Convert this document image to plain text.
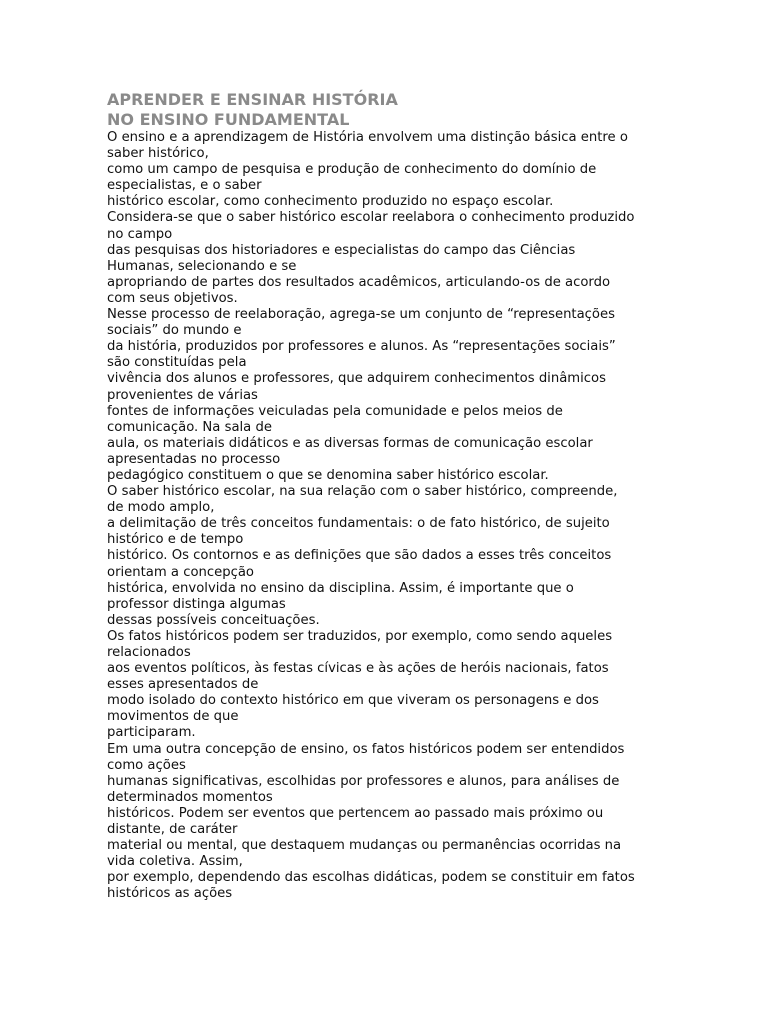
APRENDER E ENSINAR HISTÓRIA
NO ENSINO FUNDAMENTAL
O ensino e a aprendizagem de História envolvem uma distinção básica entre o
saber histórico,
como um campo de pesquisa e produção de conhecimento do domínio de
especialistas, e o saber
histórico escolar, como conhecimento produzido no espaço escolar.
Considera-se que o saber histórico escolar reelabora o conhecimento produzido
no campo
das pesquisas dos historiadores e especialistas do campo das Ciências
Humanas, selecionando e se
apropriando de partes dos resultados acadêmicos, articulando-os de acordo
com seus objetivos.
Nesse processo de reelaboração, agrega-se um conjunto de “representações
sociais” do mundo e
da história, produzidos por professores e alunos. As “representações sociais”
são constituídas pela
vivência dos alunos e professores, que adquirem conhecimentos dinâmicos
provenientes de várias
fontes de informações veiculadas pela comunidade e pelos meios de
comunicação. Na sala de
aula, os materiais didáticos e as diversas formas de comunicação escolar
apresentadas no processo
pedagógico constituem o que se denomina saber histórico escolar.
O saber histórico escolar, na sua relação com o saber histórico, compreende,
de modo amplo,
a delimitação de três conceitos fundamentais: o de fato histórico, de sujeito
histórico e de tempo
histórico. Os contornos e as definições que são dados a esses três conceitos
orientam a concepção
histórica, envolvida no ensino da disciplina. Assim, é importante que o
professor distinga algumas
dessas possíveis conceituações.
Os fatos históricos podem ser traduzidos, por exemplo, como sendo aqueles
relacionados
aos eventos políticos, às festas cívicas e às ações de heróis nacionais, fatos
esses apresentados de
modo isolado do contexto histórico em que viveram os personagens e dos
movimentos de que
participaram.
Em uma outra concepção de ensino, os fatos históricos podem ser entendidos
como ações
humanas significativas, escolhidas por professores e alunos, para análises de
determinados momentos
históricos. Podem ser eventos que pertencem ao passado mais próximo ou
distante, de caráter
material ou mental, que destaquem mudanças ou permanências ocorridas na
vida coletiva. Assim,
por exemplo, dependendo das escolhas didáticas, podem se constituir em fatos
históricos as ações
